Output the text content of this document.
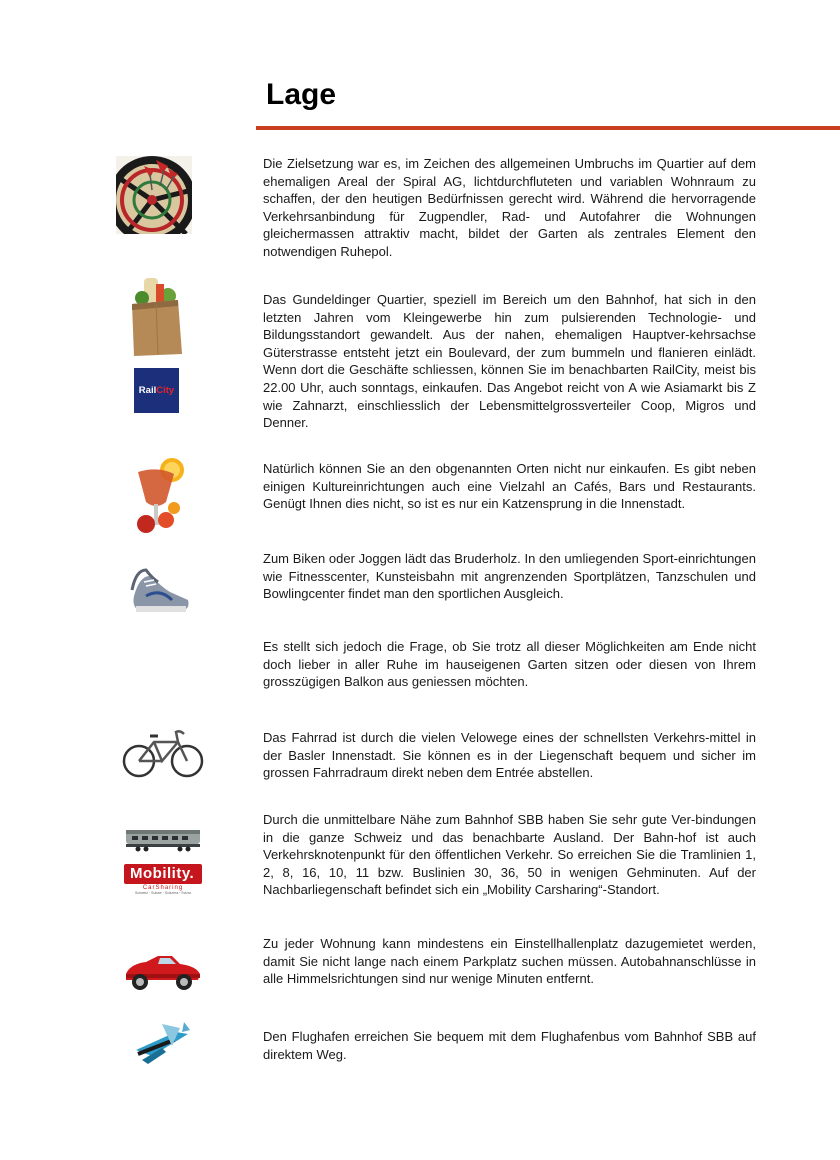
Lage
Rail City
Mobility.
CarSharing
Schweiz · Suisse · Svizzera · Svizra
Die Zielsetzung war es, im Zeichen des allgemeinen Umbruchs im Quartier auf dem ehemaligen Areal der Spiral AG, lichtdurchfluteten und variablen Wohnraum zu schaffen, der den heutigen Bedürfnissen gerecht wird. Während die hervorragende Verkehrsanbindung für Zugpendler, Rad- und Autofahrer die Wohnungen gleichermassen attraktiv macht, bildet der Garten als zentrales Element den notwendigen Ruhepol.
Das Gundeldinger Quartier, speziell im Bereich um den Bahnhof, hat sich in den letzten Jahren vom Kleingewerbe hin zum pulsierenden Technologie- und Bildungsstandort gewandelt. Aus der nahen, ehemaligen Hauptver-kehrsachse Güterstrasse entsteht jetzt ein Boulevard, der zum bummeln und flanieren einlädt. Wenn dort die Geschäfte schliessen, können Sie im benachbarten RailCity, meist bis 22.00 Uhr, auch sonntags, einkaufen. Das Angebot reicht von A wie Asiamarkt bis Z wie Zahnarzt, einschliesslich der Lebensmittelgrossverteiler Coop, Migros und Denner.
Natürlich können Sie an den obgenannten Orten nicht nur einkaufen. Es gibt neben einigen Kultureinrichtungen auch eine Vielzahl an Cafés, Bars und Restaurants. Genügt Ihnen dies nicht, so ist es nur ein Katzensprung in die Innenstadt.
Zum Biken oder Joggen lädt das Bruderholz. In den umliegenden Sport-einrichtungen wie Fitnesscenter, Kunsteisbahn mit angrenzenden Sportplätzen, Tanzschulen und Bowlingcenter findet man den sportlichen Ausgleich.
Es stellt sich jedoch die Frage, ob Sie trotz all dieser Möglichkeiten am Ende nicht doch lieber in aller Ruhe im hauseigenen Garten sitzen oder diesen von Ihrem grosszügigen Balkon aus geniessen möchten.
Das Fahrrad ist durch die vielen Velowege eines der schnellsten Verkehrs-mittel in der Basler Innenstadt. Sie können es in der Liegenschaft bequem und sicher im grossen Fahrradraum direkt neben dem Entrée abstellen.
Durch die unmittelbare Nähe zum Bahnhof SBB haben Sie sehr gute Ver-bindungen in die ganze Schweiz und das benachbarte Ausland. Der Bahn-hof ist auch Verkehrsknotenpunkt für den öffentlichen Verkehr. So erreichen Sie die Tramlinien 1, 2, 8, 16, 10, 11 bzw. Buslinien 30, 36, 50 in wenigen Gehminuten. Auf der Nachbarliegenschaft befindet sich ein „Mobility Carsharing“-Standort.
Zu jeder Wohnung kann mindestens ein Einstellhallenplatz dazugemietet werden, damit Sie nicht lange nach einem Parkplatz suchen müssen. Autobahnanschlüsse in alle Himmelsrichtungen sind nur wenige Minuten entfernt.
Den Flughafen erreichen Sie bequem mit dem Flughafenbus vom Bahnhof SBB auf direktem Weg.
